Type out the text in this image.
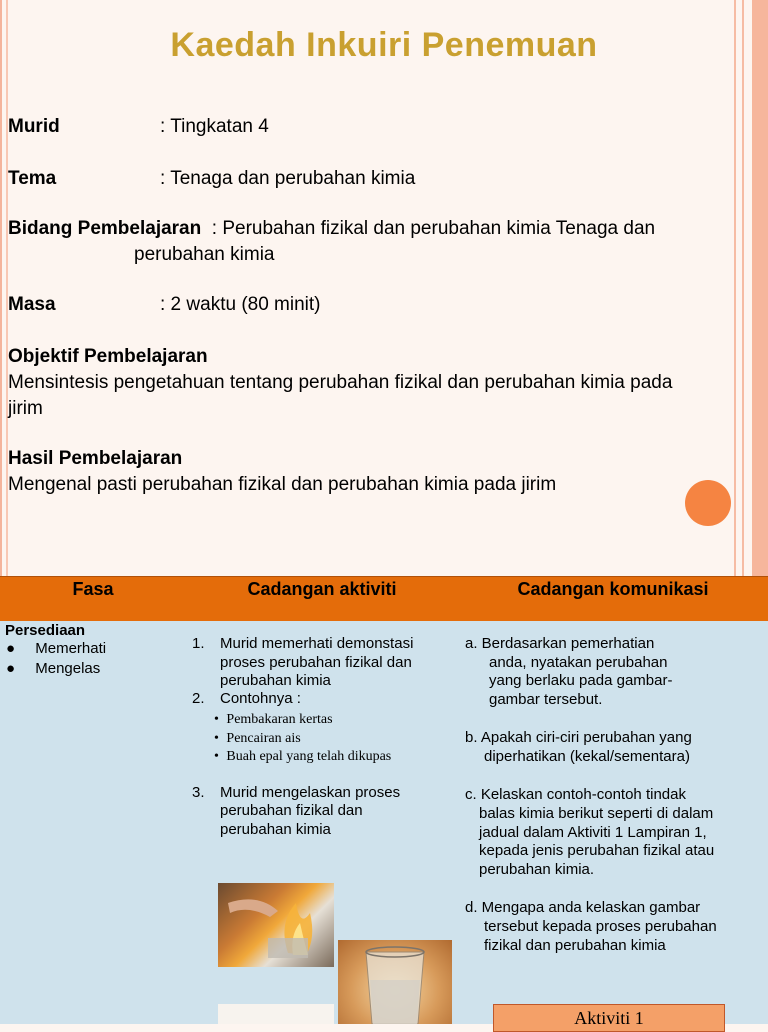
Kaedah Inkuiri Penemuan
Murid	: Tingkatan 4
Tema	: Tenaga dan perubahan kimia
Bidang Pembelajaran  : Perubahan fizikal dan perubahan kimia Tenaga dan
perubahan kimia
Masa	: 2 waktu (80 minit)
Objektif Pembelajaran
Mensintesis pengetahuan tentang perubahan fizikal dan perubahan kimia pada
jirim
Hasil Pembelajaran
Mengenal pasti perubahan fizikal dan perubahan kimia pada jirim
Fasa	Cadangan aktiviti	Cadangan komunikasi
Persediaan
● Memerhati
● Mengelas
1. Murid memerhati demonstasi
proses perubahan fizikal dan
perubahan kimia
2. Contohnya :
• Pembakaran kertas
• Pencairan ais
• Buah epal yang telah dikupas
3. Murid mengelaskan proses
perubahan fizikal dan
perubahan kimia
a. Berdasarkan pemerhatian
anda, nyatakan perubahan
yang berlaku pada gambar-
gambar tersebut.
b. Apakah ciri-ciri perubahan yang
diperhatikan (kekal/sementara)
c. Kelaskan contoh-contoh tindak
balas kimia berikut seperti di dalam
jadual dalam Aktiviti 1 Lampiran 1,
kepada jenis perubahan fizikal atau
perubahan kimia.
d. Mengapa anda kelaskan gambar
tersebut kepada proses perubahan
fizikal dan perubahan kimia
Aktiviti 1
